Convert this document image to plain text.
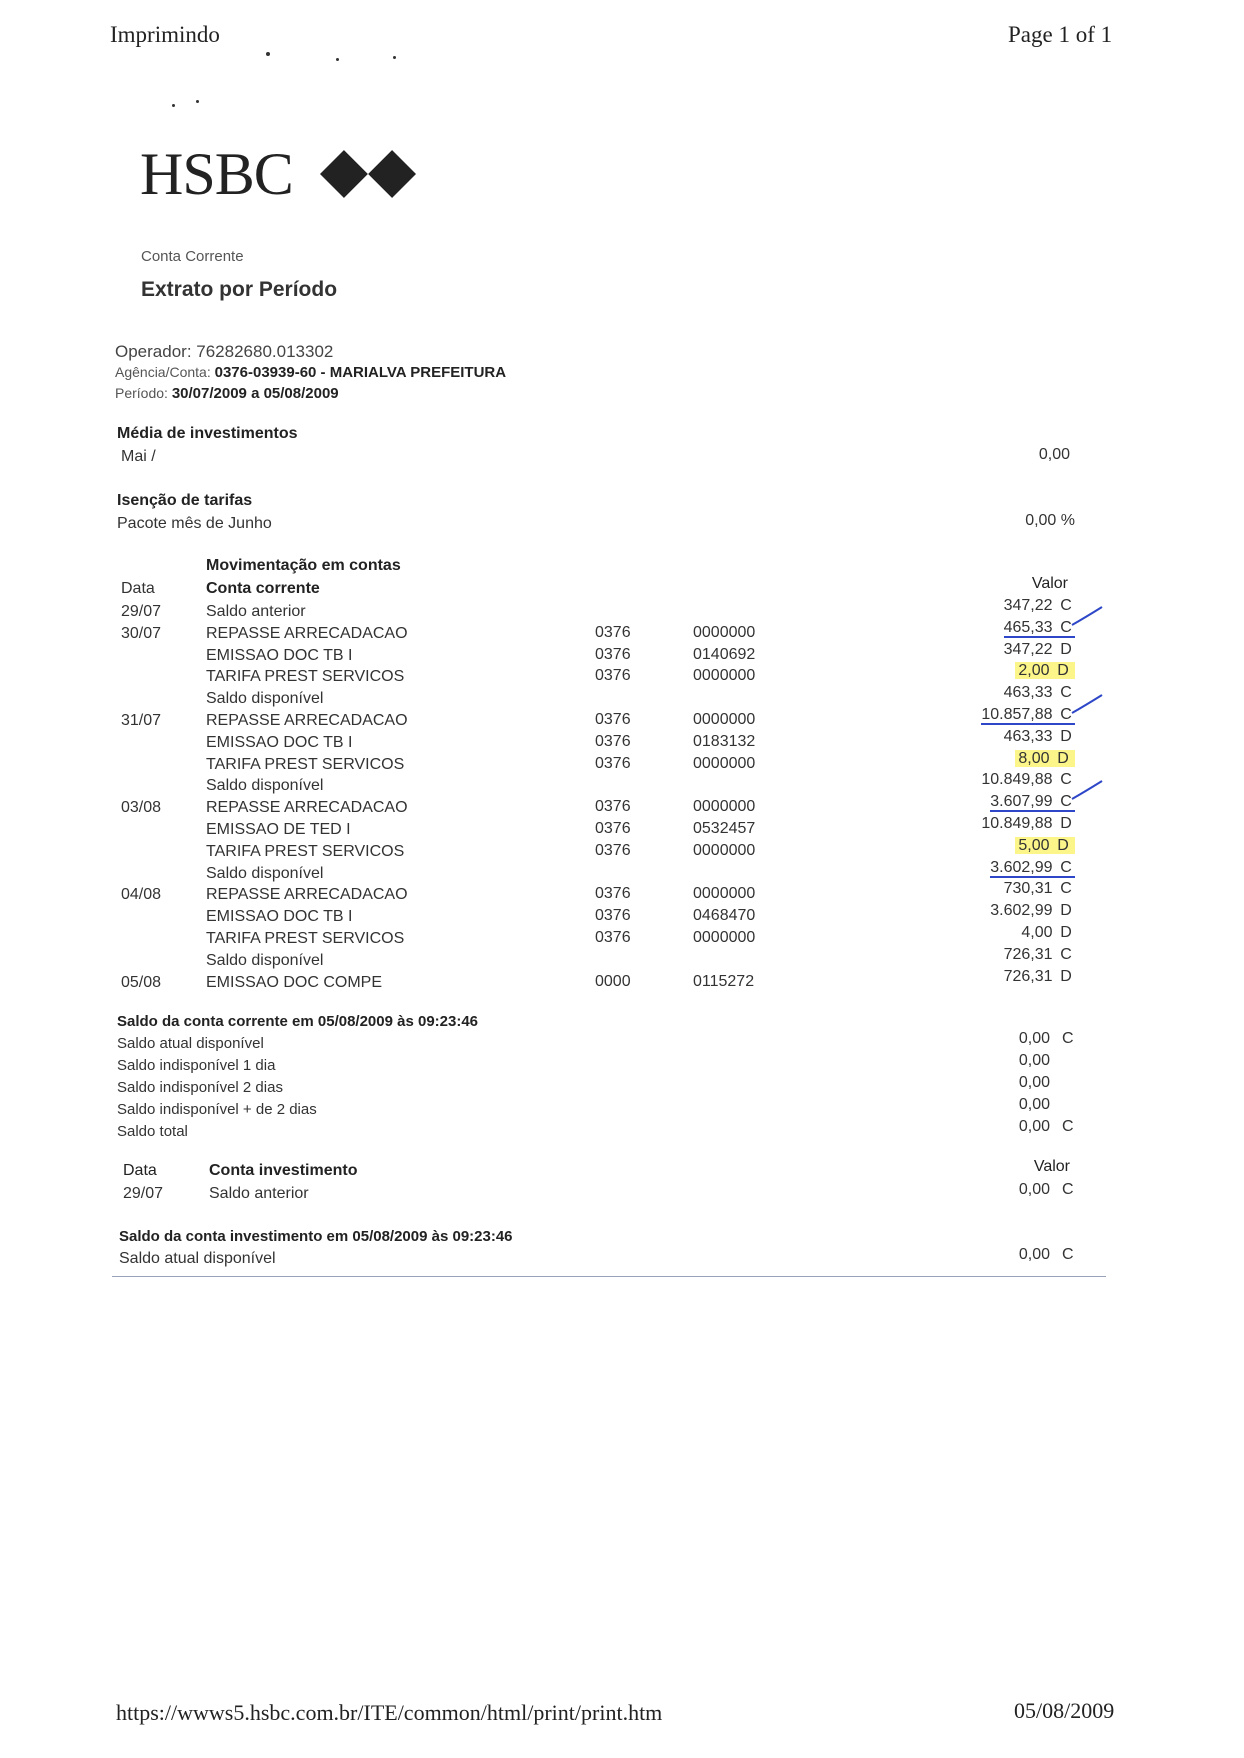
Imprimindo	Page 1 of 1
HSBC
Conta Corrente
Extrato por Período
Operador: 76282680.013302
Agência/Conta: 0376-03939-60 - MARIALVA PREFEITURA
Período: 30/07/2009 a 05/08/2009
Média de investimentos
Mai /	0,00
Isenção de tarifas
Pacote mês de Junho	0,00 %
Movimentação em contas
Data	Conta corrente	Valor
29/07	Saldo anterior	347,22 C
30/07	REPASSE ARRECADACAO	0376	0000000	465,33 C
EMISSAO DOC TB I	0376	0140692	347,22 D
TARIFA PREST SERVICOS	0376	0000000	2,00 D
Saldo disponível	463,33 C
31/07	REPASSE ARRECADACAO	0376	0000000	10.857,88 C
EMISSAO DOC TB I	0376	0183132	463,33 D
TARIFA PREST SERVICOS	0376	0000000	8,00 D
Saldo disponível	10.849,88 C
03/08	REPASSE ARRECADACAO	0376	0000000	3.607,99 C
EMISSAO DE TED I	0376	0532457	10.849,88 D
TARIFA PREST SERVICOS	0376	0000000	5,00 D
Saldo disponível	3.602,99 C
04/08	REPASSE ARRECADACAO	0376	0000000	730,31 C
EMISSAO DOC TB I	0376	0468470	3.602,99 D
TARIFA PREST SERVICOS	0376	0000000	4,00 D
Saldo disponível	726,31 C
05/08	EMISSAO DOC COMPE	0000	0115272	726,31 D
Saldo da conta corrente em 05/08/2009 às 09:23:46
Saldo atual disponível	0,00 C
Saldo indisponível 1 dia	0,00
Saldo indisponível 2 dias	0,00
Saldo indisponível + de 2 dias	0,00
Saldo total	0,00 C
Data	Conta investimento	Valor
29/07	Saldo anterior	0,00 C
Saldo da conta investimento em 05/08/2009 às 09:23:46
Saldo atual disponível	0,00 C
https://wwws5.hsbc.com.br/ITE/common/html/print/print.htm	05/08/2009
